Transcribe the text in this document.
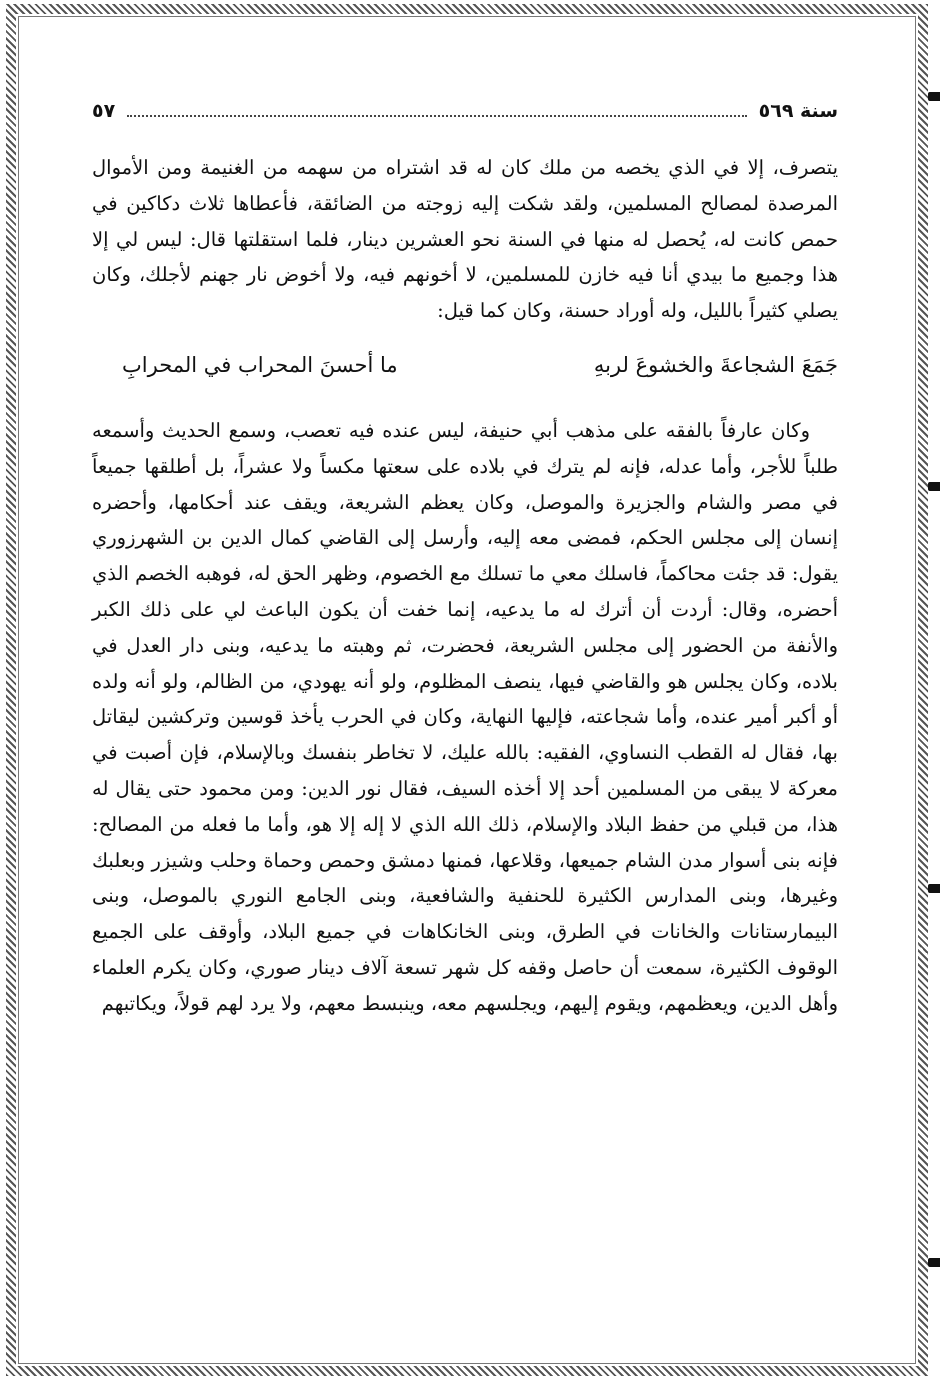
سنة ٥٦٩
٥٧

يتصرف، إلا في الذي يخصه من ملك كان له قد اشتراه من سهمه من الغنيمة ومن الأموال المرصدة لمصالح المسلمين، ولقد شكت إليه زوجته من الضائقة، فأعطاها ثلاث دكاكين في حمص كانت له، يُحصل له منها في السنة نحو العشرين دينار، فلما استقلتها قال: ليس لي إلا هذا وجميع ما بيدي أنا فيه خازن للمسلمين، لا أخونهم فيه، ولا أخوض نار جهنم لأجلك، وكان يصلي كثيراً بالليل، وله أوراد حسنة، وكان كما قيل:

جَمَعَ الشجاعةَ والخشوعَ لربهِ
ما أحسنَ المحراب في المحرابِ

وكان عارفاً بالفقه على مذهب أبي حنيفة، ليس عنده فيه تعصب، وسمع الحديث وأسمعه طلباً للأجر، وأما عدله، فإنه لم يترك في بلاده على سعتها مكساً ولا عشراً، بل أطلقها جميعاً في مصر والشام والجزيرة والموصل، وكان يعظم الشريعة، ويقف عند أحكامها، وأحضره إنسان إلى مجلس الحكم، فمضى معه إليه، وأرسل إلى القاضي كمال الدين بن الشهرزوري يقول: قد جئت محاكماً، فاسلك معي ما تسلك مع الخصوم، وظهر الحق له، فوهبه الخصم الذي أحضره، وقال: أردت أن أترك له ما يدعيه، إنما خفت أن يكون الباعث لي على ذلك الكبر والأنفة من الحضور إلى مجلس الشريعة، فحضرت، ثم وهبته ما يدعيه، وبنى دار العدل في بلاده، وكان يجلس هو والقاضي فيها، ينصف المظلوم، ولو أنه يهودي، من الظالم، ولو أنه ولده أو أكبر أمير عنده، وأما شجاعته، فإليها النهاية، وكان في الحرب يأخذ قوسين وتركشين ليقاتل بها، فقال له القطب النساوي، الفقيه: بالله عليك، لا تخاطر بنفسك وبالإسلام، فإن أصبت في معركة لا يبقى من المسلمين أحد إلا أخذه السيف، فقال نور الدين: ومن محمود حتى يقال له هذا، من قبلي من حفظ البلاد والإسلام، ذلك الله الذي لا إله إلا هو، وأما ما فعله من المصالح: فإنه بنى أسوار مدن الشام جميعها، وقلاعها، فمنها دمشق وحمص وحماة وحلب وشيزر وبعلبك وغيرها، وبنى المدارس الكثيرة للحنفية والشافعية، وبنى الجامع النوري بالموصل، وبنى البيمارستانات والخانات في الطرق، وبنى الخانكاهات في جميع البلاد، وأوقف على الجميع الوقوف الكثيرة، سمعت أن حاصل وقفه كل شهر تسعة آلاف دينار صوري، وكان يكرم العلماء وأهل الدين، ويعظمهم، ويقوم إليهم، ويجلسهم معه، وينبسط معهم، ولا يرد لهم قولاً، ويكاتبهم
